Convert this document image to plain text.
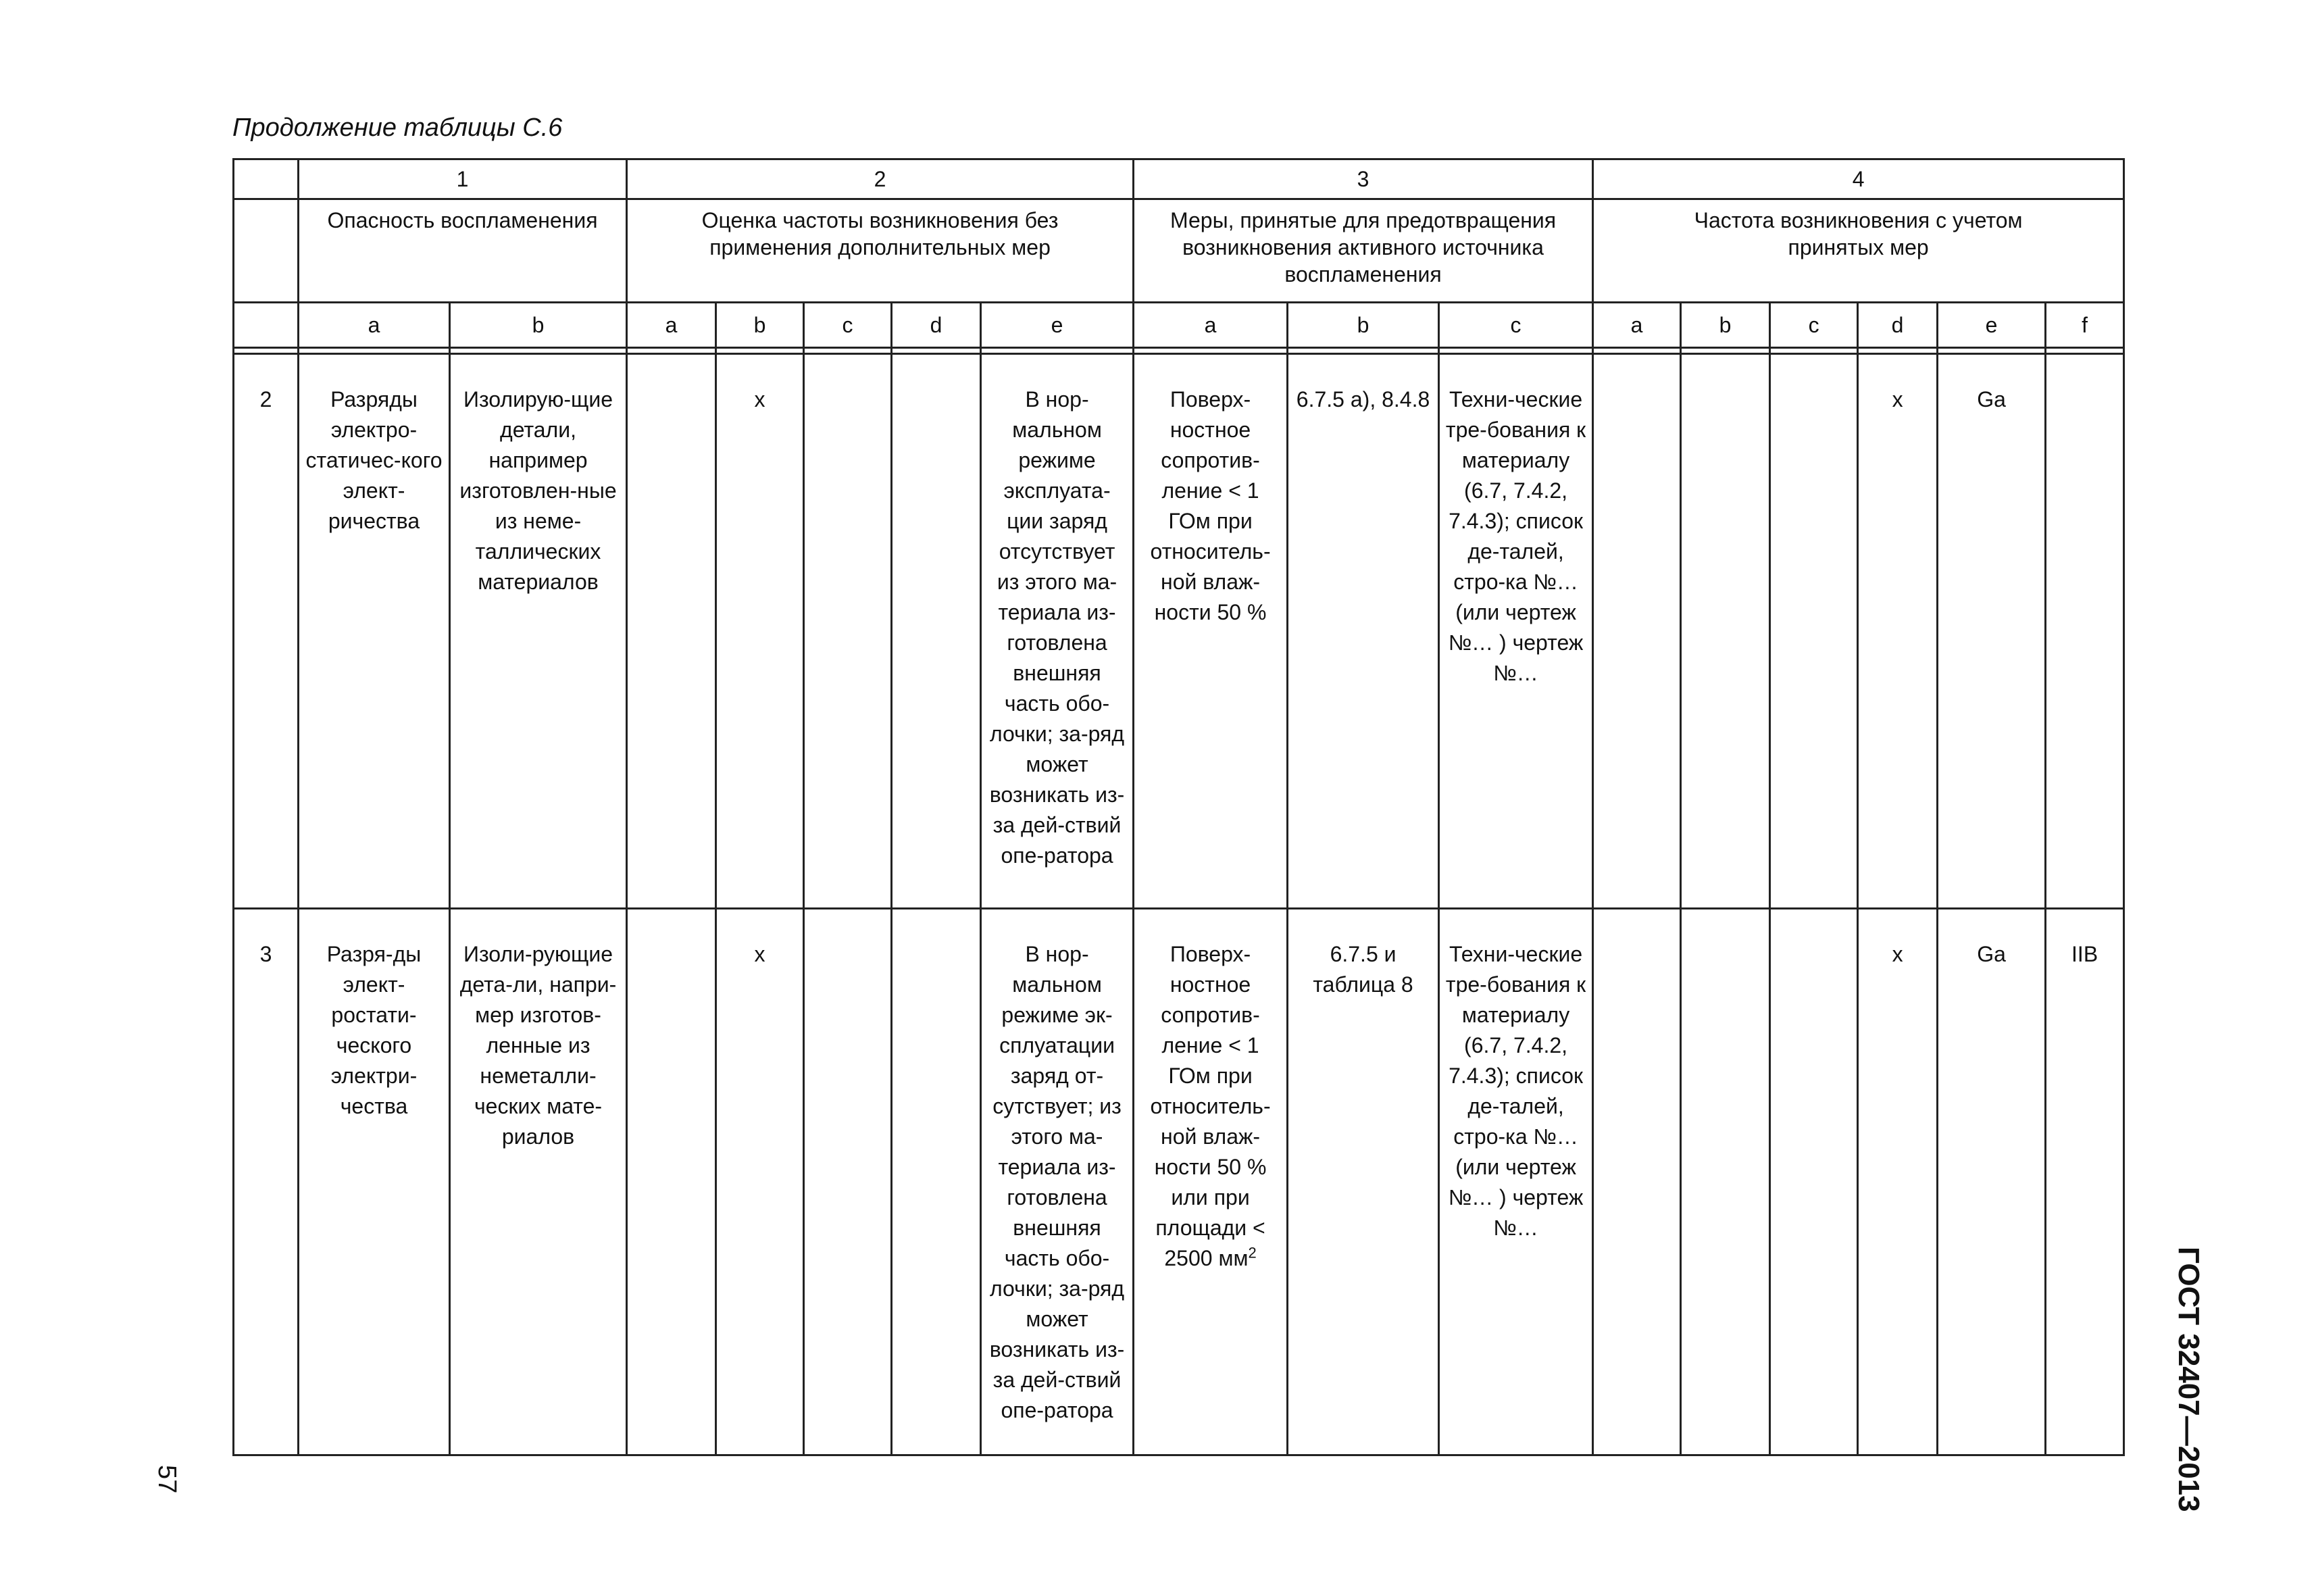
Продолжение таблицы С.6
	1		2					3			4					
	Опасность воспламенения		Оценка частоты возникновения без применения дополнительных мер					Меры, принятые для предотвращения возникновения активного источника воспламенения			Частота возникновения с учетом принятых мер					
	a	b	a	b	c	d	e	a	b	c	a	b	c	d	e	f

2	Разряды электро-статичес-кого элект-ричества	Изолирую-щие детали, например изготовлен-ные из неме-таллических материалов		х			В нор-мальном режиме эксплуата-ции заряд отсутствует из этого ма-териала из-готовлена внешняя часть обо-лочки; за-ряд может возникать из-за дей-ствий опе-ратора	Поверх-ностное сопротив-ление < 1 ГОм при относитель-ной влаж-ности 50 %	6.7.5 а), 8.4.8	Техни-ческие тре-бования к материалу (6.7, 7.4.2, 7.4.3); список де-талей, стро-ка №… (или чертеж №… ) чертеж №…				х	Ga	
3	Разря-ды элект-ростати-ческого электри-чества	Изоли-рующие дета-ли, напри-мер изготов-ленные из неметалли-ческих мате-риалов		х			В нор-мальном режиме эк-сплуатации заряд от-сутствует; из этого ма-териала из-готовлена внешняя часть обо-лочки; за-ряд может возникать из-за дей-ствий опе-ратора	Поверх-ностное сопротив-ление < 1 ГОм при относитель-ной влаж-ности 50 % или при площади < 2500 $мм^2$	6.7.5 и таблица 8	Техни-ческие тре-бования к материалу (6.7, 7.4.2, 7.4.3); список де-талей, стро-ка №… (или чертеж №… ) чертеж №…				х	Ga	IIB
57	ГОСТ 32407—2013
